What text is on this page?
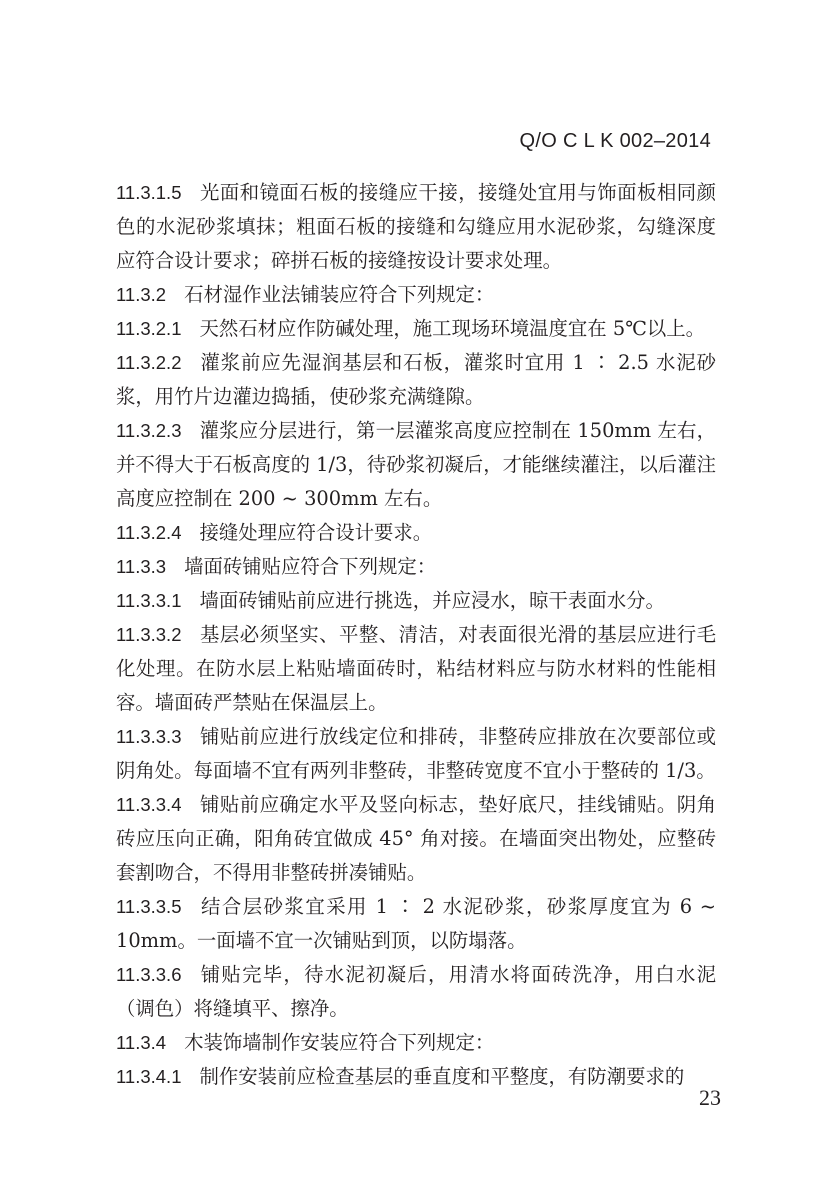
Q/O C L K 002–2014

11.3.1.5 光面和镜面石板的接缝应干接，接缝处宜用与饰面板相同颜色的水泥砂浆填抹；粗面石板的接缝和勾缝应用水泥砂浆，勾缝深度应符合设计要求；碎拼石板的接缝按设计要求处理。

11.3.2 石材湿作业法铺装应符合下列规定：

11.3.2.1 天然石材应作防碱处理，施工现场环境温度宜在 5℃以上。

11.3.2.2 灌浆前应先湿润基层和石板，灌浆时宜用 1 ∶ 2.5 水泥砂浆，用竹片边灌边捣插，使砂浆充满缝隙。

11.3.2.3 灌浆应分层进行，第一层灌浆高度应控制在 150mm 左右，并不得大于石板高度的 1/3，待砂浆初凝后，才能继续灌注，以后灌注高度应控制在 200 ~ 300mm 左右。

11.3.2.4 接缝处理应符合设计要求。

11.3.3 墙面砖铺贴应符合下列规定：

11.3.3.1 墙面砖铺贴前应进行挑选，并应浸水，晾干表面水分。

11.3.3.2 基层必须坚实、平整、清洁，对表面很光滑的基层应进行毛化处理。在防水层上粘贴墙面砖时，粘结材料应与防水材料的性能相容。墙面砖严禁贴在保温层上。

11.3.3.3 铺贴前应进行放线定位和排砖，非整砖应排放在次要部位或阴角处。每面墙不宜有两列非整砖，非整砖宽度不宜小于整砖的 1/3。

11.3.3.4 铺贴前应确定水平及竖向标志，垫好底尺，挂线铺贴。阴角砖应压向正确，阳角砖宜做成 45° 角对接。在墙面突出物处，应整砖套割吻合，不得用非整砖拼凑铺贴。

11.3.3.5 结合层砂浆宜采用 1 ∶ 2 水泥砂浆，砂浆厚度宜为 6 ~ 10mm。一面墙不宜一次铺贴到顶，以防塌落。

11.3.3.6 铺贴完毕，待水泥初凝后，用清水将面砖洗净，用白水泥（调色）将缝填平、擦净。

11.3.4 木装饰墙制作安装应符合下列规定：

11.3.4.1 制作安装前应检查基层的垂直度和平整度，有防潮要求的

23
